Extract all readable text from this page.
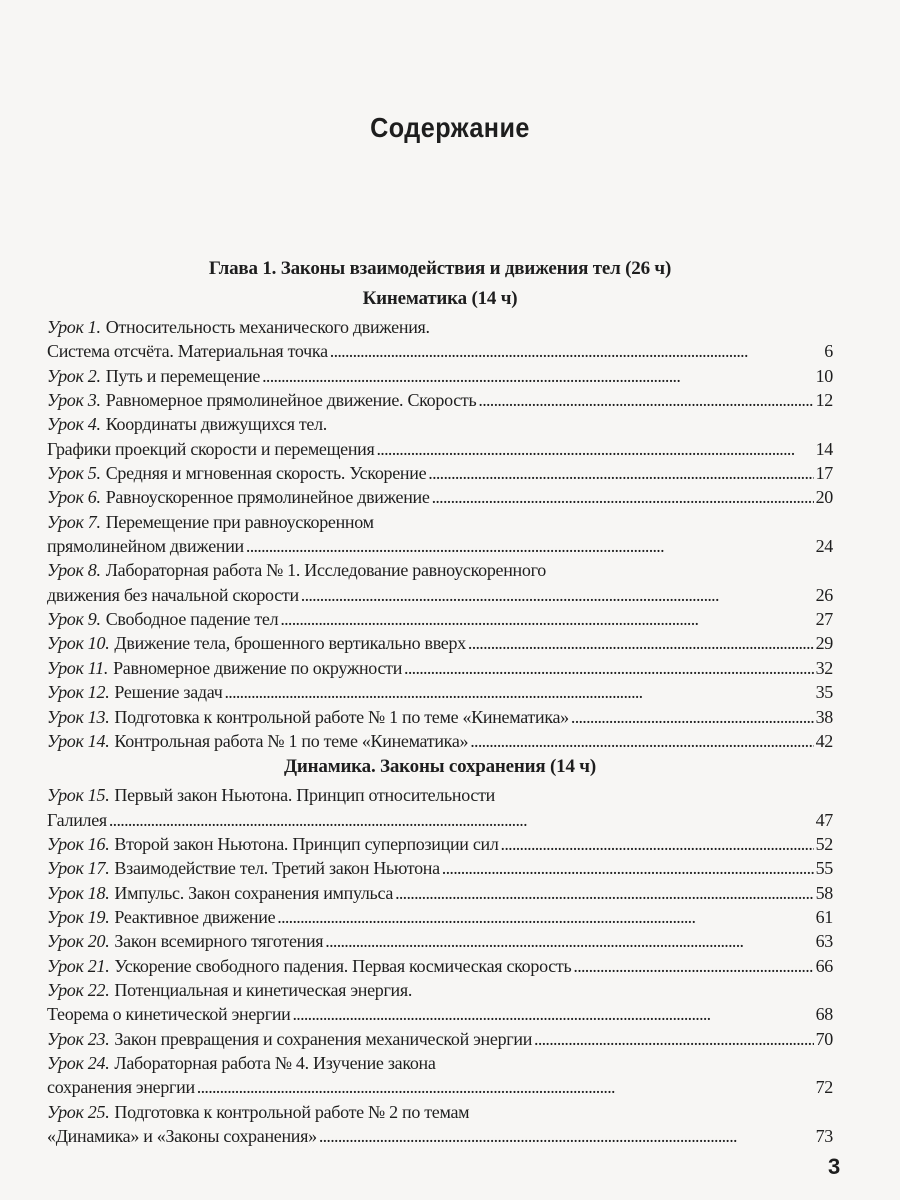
Содержание
Глава 1. Законы взаимодействия и движения тел (26 ч)
Кинематика (14 ч)
Урок 1. Относительность механического движения.
Система отсчёта. Материальная точка . . .	6
Урок 2. Путь и перемещение . . .	10
Урок 3. Равномерное прямолинейное движение. Скорость . . .	12
Урок 4. Координаты движущихся тел.
Графики проекций скорости и перемещения . . .	14
Урок 5. Средняя и мгновенная скорость. Ускорение . . .	17
Урок 6. Равноускоренное прямолинейное движение . . .	20
Урок 7. Перемещение при равноускоренном
прямолинейном движении . . .	24
Урок 8. Лабораторная работа № 1. Исследование равноускоренного
движения без начальной скорости . . .	26
Урок 9. Свободное падение тел . . .	27
Урок 10. Движение тела, брошенного вертикально вверх . . .	29
Урок 11. Равномерное движение по окружности . . .	32
Урок 12. Решение задач . . .	35
Урок 13. Подготовка к контрольной работе № 1 по теме «Кинематика» . . .	38
Урок 14. Контрольная работа № 1 по теме «Кинематика» . . .	42
Динамика. Законы сохранения (14 ч)
Урок 15. Первый закон Ньютона. Принцип относительности
Галилея . . .	47
Урок 16. Второй закон Ньютона. Принцип суперпозиции сил . . .	52
Урок 17. Взаимодействие тел. Третий закон Ньютона . . .	55
Урок 18. Импульс. Закон сохранения импульса . . .	58
Урок 19. Реактивное движение . . .	61
Урок 20. Закон всемирного тяготения . . .	63
Урок 21. Ускорение свободного падения. Первая космическая скорость . . .	66
Урок 22. Потенциальная и кинетическая энергия.
Теорема о кинетической энергии . . .	68
Урок 23. Закон превращения и сохранения механической энергии . . .	70
Урок 24. Лабораторная работа № 4. Изучение закона
сохранения энергии . . .	72
Урок 25. Подготовка к контрольной работе № 2 по темам
«Динамика» и «Законы сохранения» . . .	73
3
